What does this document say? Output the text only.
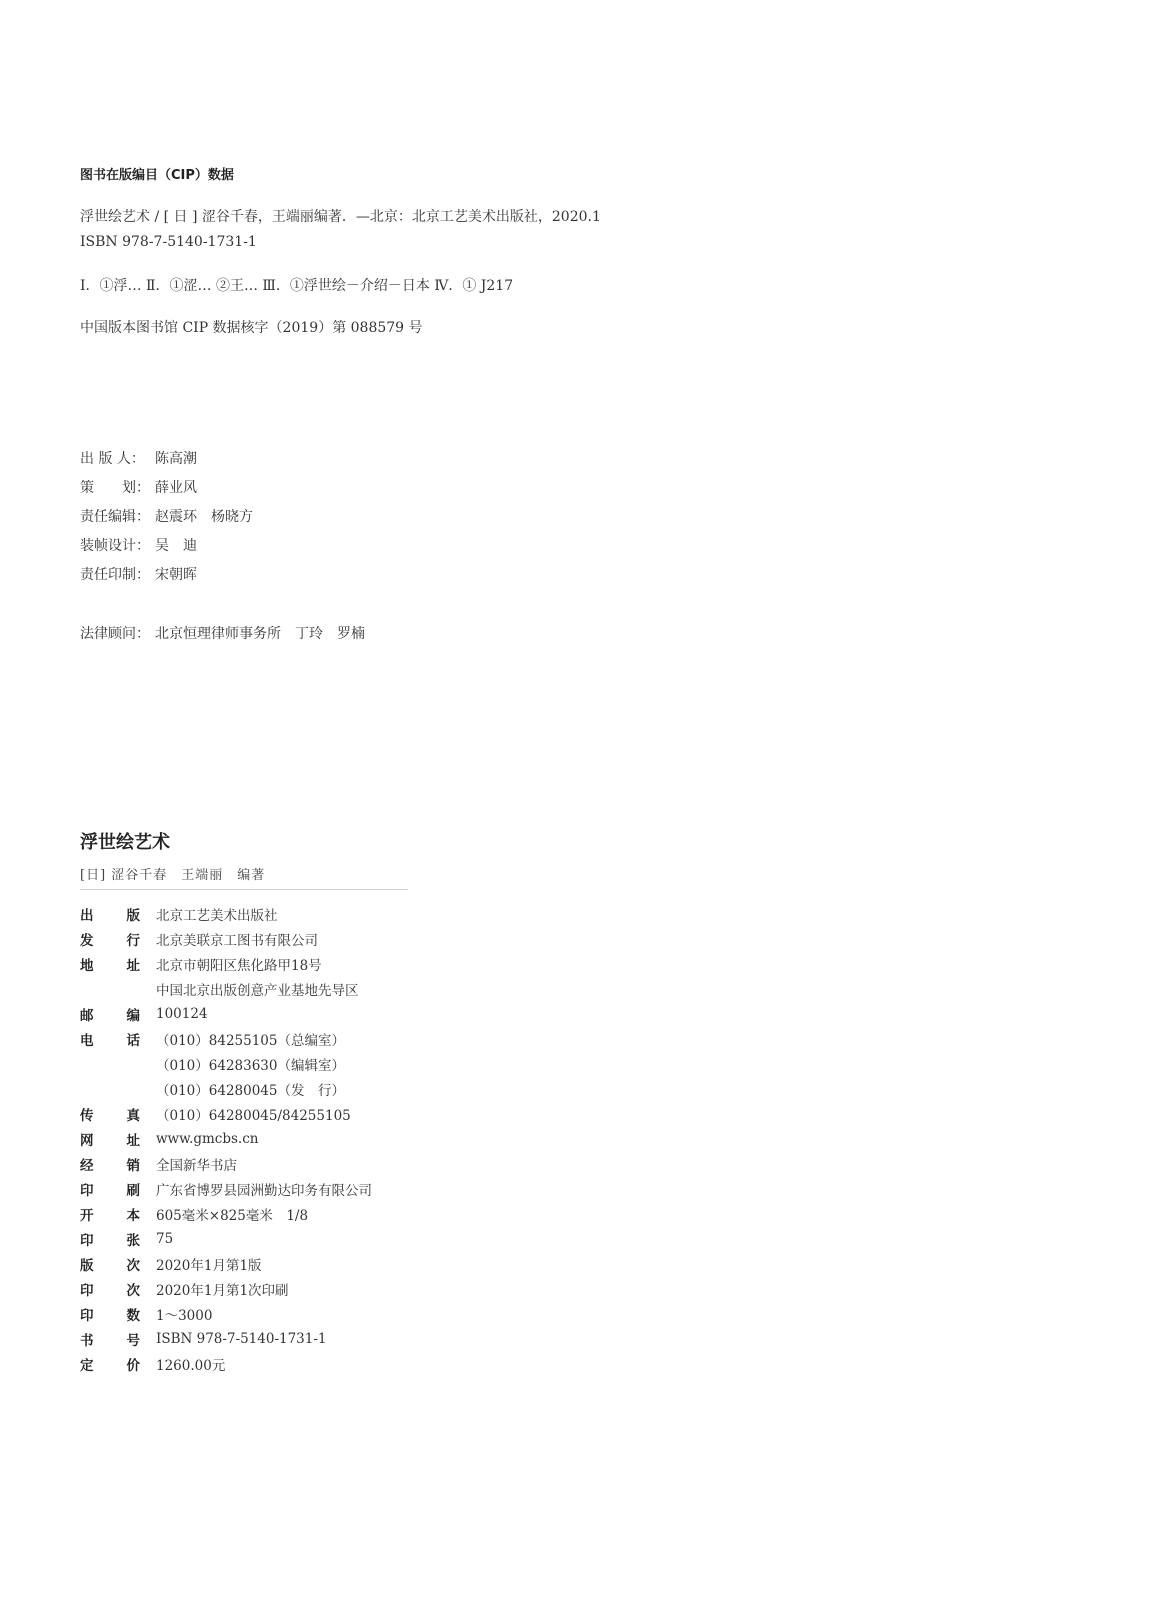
图书在版编目（CIP）数据
浮世绘艺术 / [ 日 ] 涩谷千春，王端丽编著．—北京：北京工艺美术出版社，2020.1
ISBN 978-7-5140-1731-1
Ⅰ．①浮… Ⅱ．①涩… ②王… Ⅲ．①浮世绘－介绍－日本 Ⅳ．① J217
中国版本图书馆 CIP 数据核字（2019）第 088579 号
出 版 人： 陈高潮
策　　划： 薛业风
责任编辑： 赵震环　杨晓方
装帧设计： 吴　迪
责任印制： 宋朝晖
法律顾问： 北京恒理律师事务所　丁玲　罗楠
浮世绘艺术
[日] 涩谷千春　王端丽　编著
出	版 北京工艺美术出版社
发	行 北京美联京工图书有限公司
地	址 北京市朝阳区焦化路甲18号
中国北京出版创意产业基地先导区
邮	编 100124
电	话 （010）84255105（总编室）
（010）64283630（编辑室）
（010）64280045（发　行）
传	真 （010）64280045/84255105
网	址 www.gmcbs.cn
经	销 全国新华书店
印	刷 广东省博罗县园洲勤达印务有限公司
开	本 605毫米×825毫米　1/8
印	张 75
版	次 2020年1月第1版
印	次 2020年1月第1次印刷
印	数 1～3000
书	号 ISBN 978-7-5140-1731-1
定	价 1260.00元
